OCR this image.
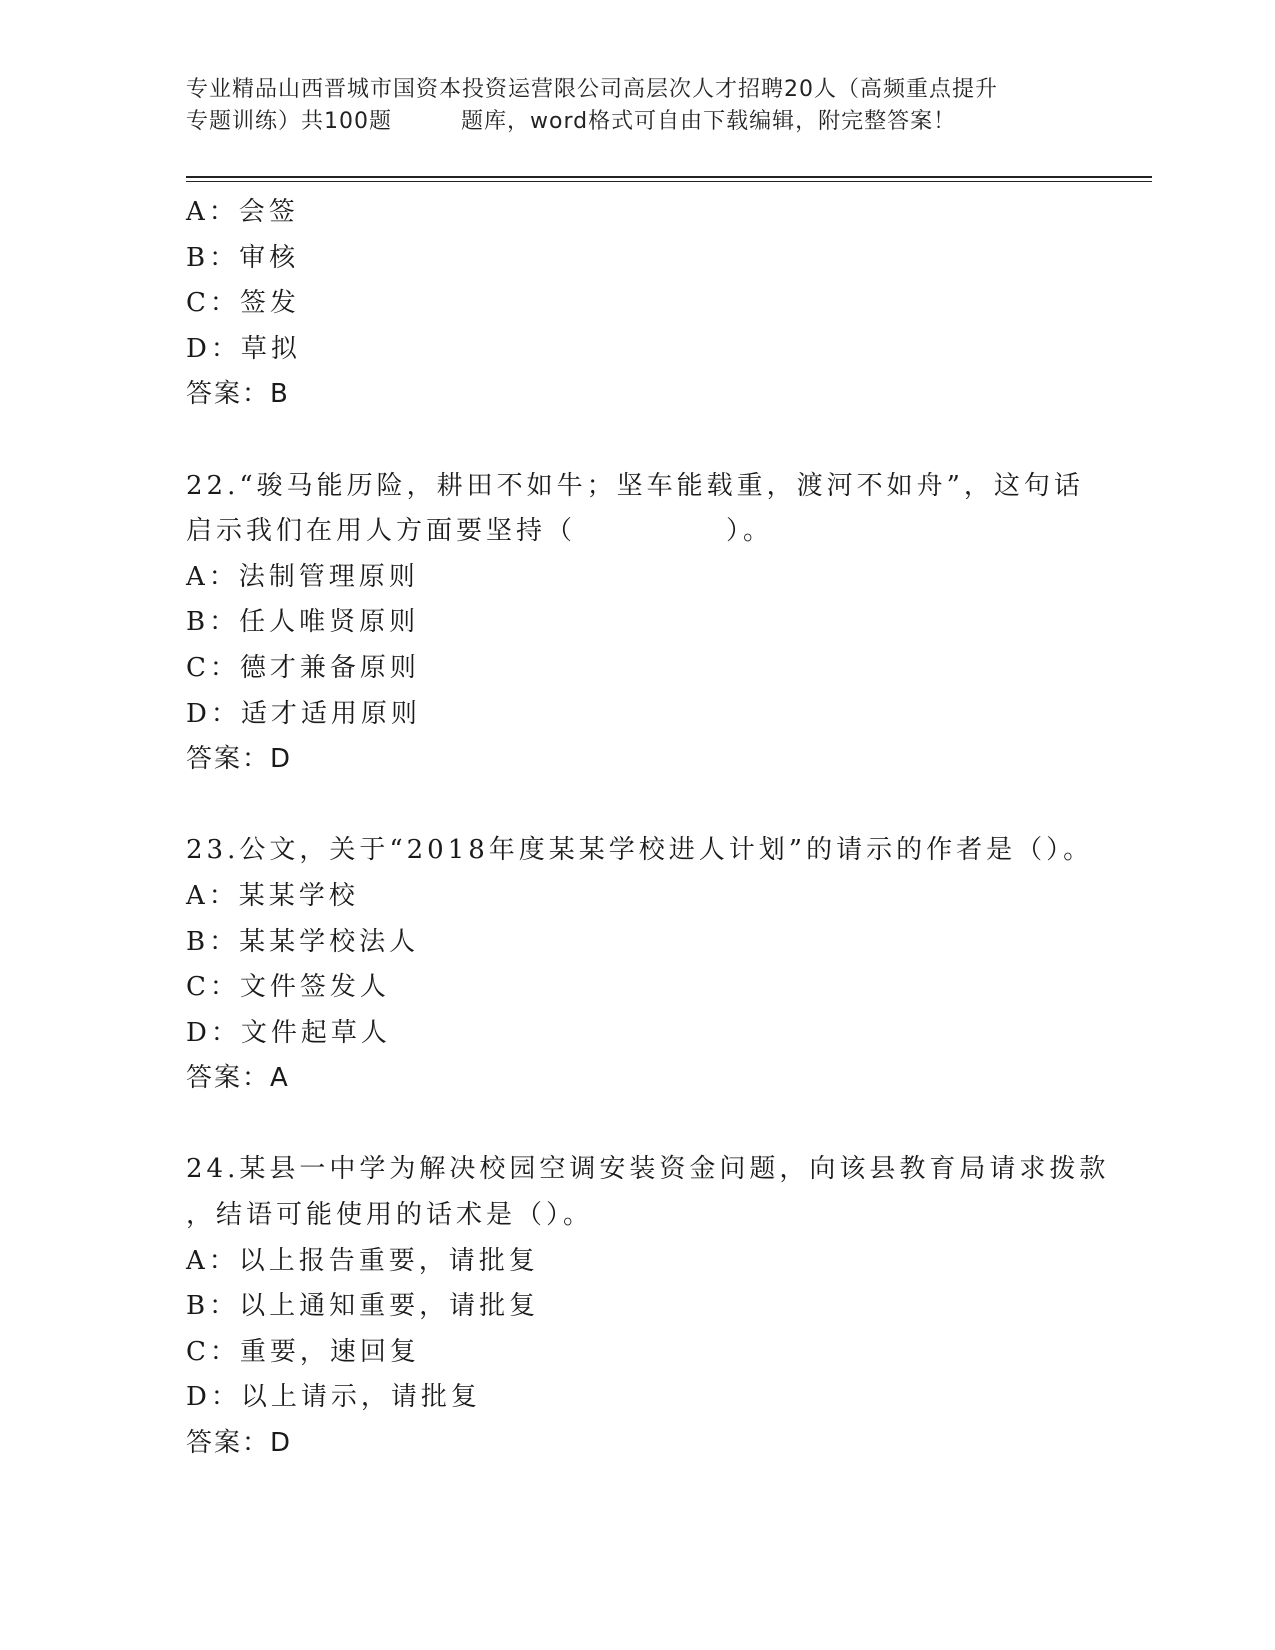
专业精品山西晋城市国资本投资运营限公司高层次人才招聘20人（高频重点提升
专题训练）共100题　　　题库，word格式可自由下载编辑，附完整答案！
A：会签
B：审核
C：签发
D：草拟
答案：B
22.“骏马能历险，耕田不如牛；坚车能载重，渡河不如舟”，这句话
启示我们在用人方面要坚持（　　　　　）。
A：法制管理原则
B：任人唯贤原则
C：德才兼备原则
D：适才适用原则
答案：D
23.公文，关于“2018年度某某学校进人计划”的请示的作者是（）。
A：某某学校
B：某某学校法人
C：文件签发人
D：文件起草人
答案：A
24.某县一中学为解决校园空调安装资金问题，向该县教育局请求拨款
，结语可能使用的话术是（）。
A：以上报告重要，请批复
B：以上通知重要，请批复
C：重要，速回复
D：以上请示，请批复
答案：D
